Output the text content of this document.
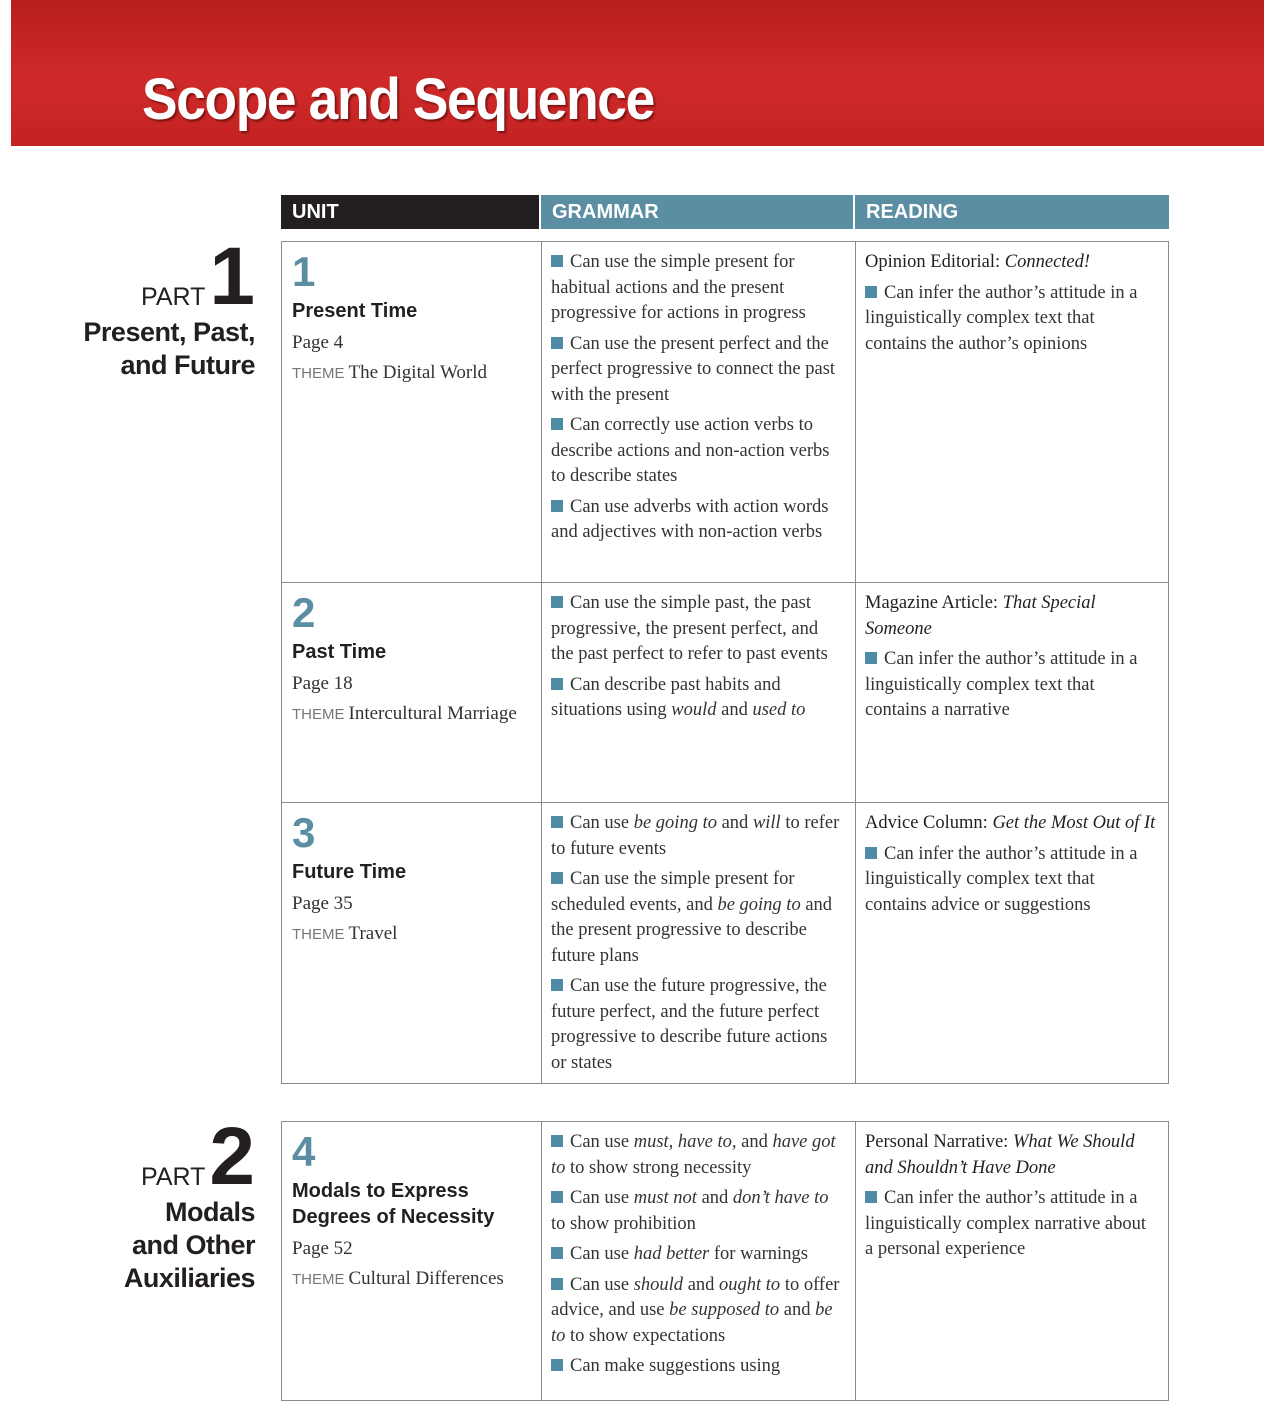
Scope and Sequence
UNIT	GRAMMAR	READING
PART1
Present, Past,
and Future
PART2
Modals
and Other
Auxiliaries
1
Present Time
Page 4
THEME The Digital World
Can use the simple present for habitual actions and the present progressive for actions in progress
Can use the present perfect and the perfect progressive to connect the past with the present
Can correctly use action verbs to describe actions and non-action verbs to describe states
Can use adverbs with action words and adjectives with non-action verbs
Opinion Editorial: Connected!
Can infer the author’s attitude in a linguistically complex text that contains the author’s opinions
2
Past Time
Page 18
THEME Intercultural Marriage
Can use the simple past, the past progressive, the present perfect, and the past perfect to refer to past events
Can describe past habits and situations using would and used to
Magazine Article: That Special Someone
Can infer the author’s attitude in a linguistically complex text that contains a narrative
3
Future Time
Page 35
THEME Travel
Can use be going to and will to refer to future events
Can use the simple present for scheduled events, and be going to and the present progressive to describe future plans
Can use the future progressive, the future perfect, and the future perfect progressive to describe future actions or states
Advice Column: Get the Most Out of It
Can infer the author’s attitude in a linguistically complex text that contains advice or suggestions
4
Modals to Express Degrees of Necessity
Page 52
THEME Cultural Differences
Can use must, have to, and have got to to show strong necessity
Can use must not and don’t have to to show prohibition
Can use had better for warnings
Can use should and ought to to offer advice, and use be supposed to and be to to show expectations
Can make suggestions using
Personal Narrative: What We Should and Shouldn’t Have Done
Can infer the author’s attitude in a linguistically complex narrative about a personal experience
